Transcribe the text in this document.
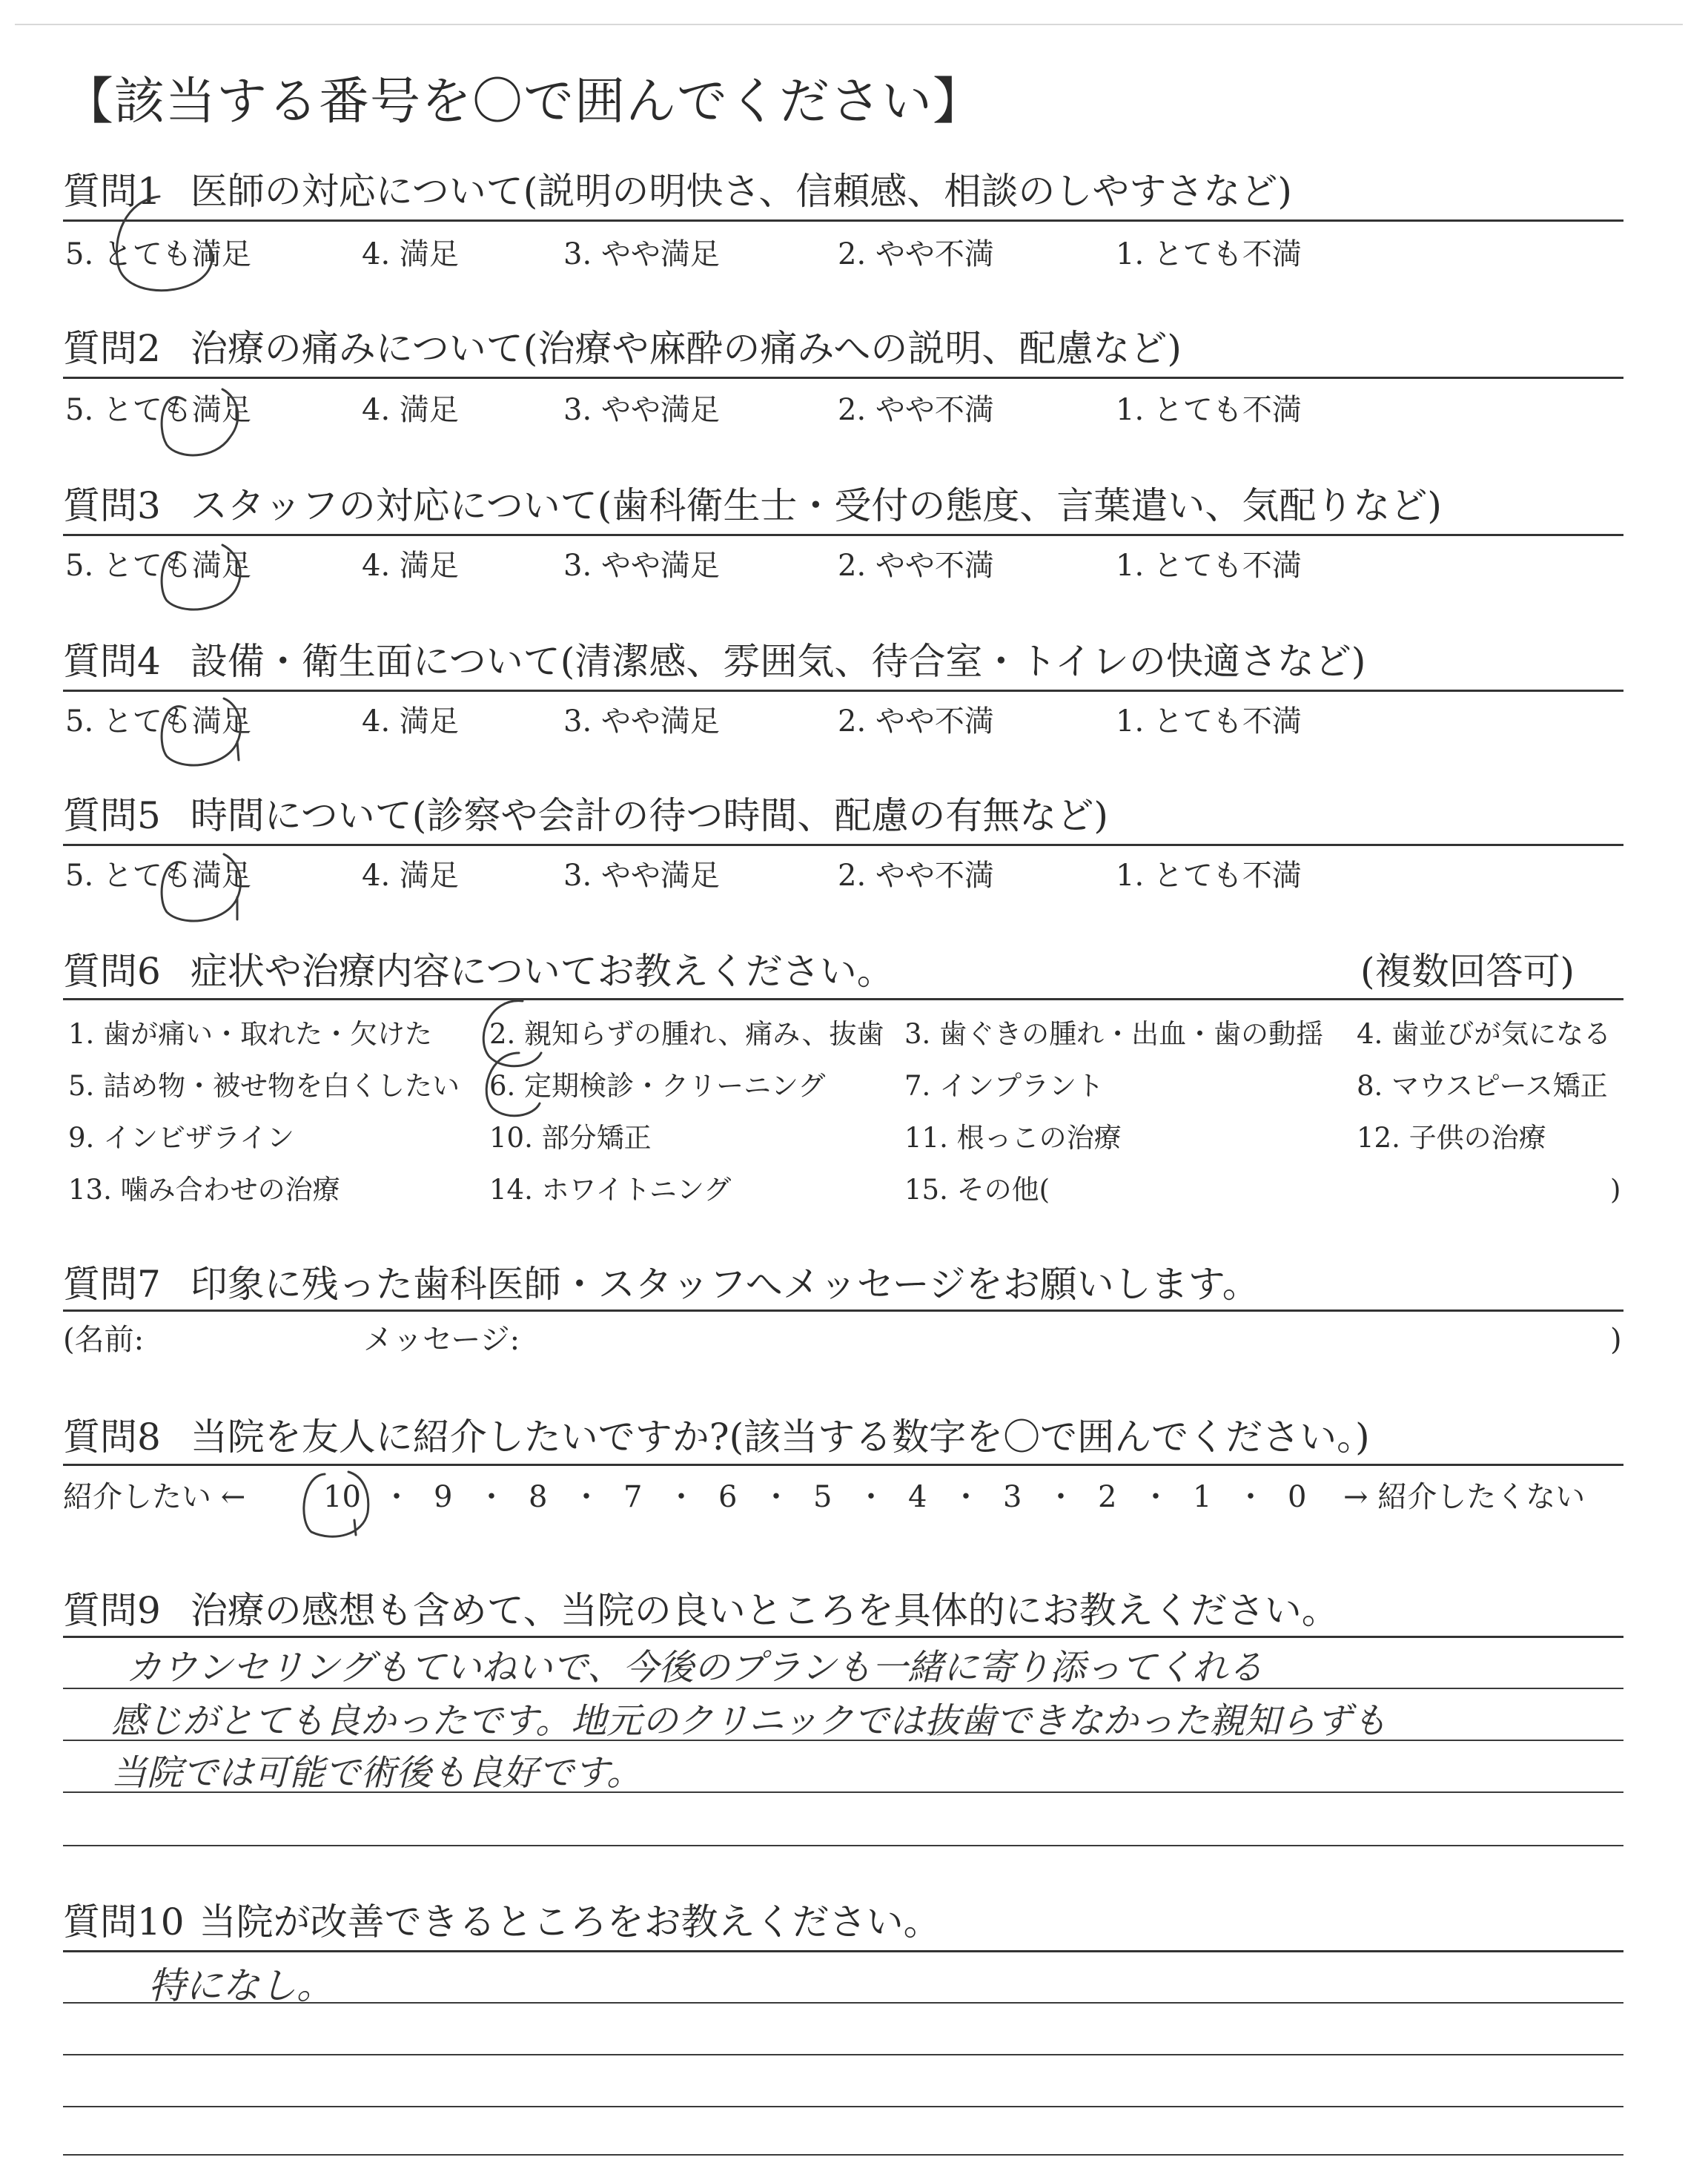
【該当する番号を〇で囲んでください】
質問1 医師の対応について(説明の明快さ、信頼感、相談のしやすさなど)
5. とても満足	4. 満足	3. やや満足	2. やや不満	1. とても不満
質問2 治療の痛みについて(治療や麻酔の痛みへの説明、配慮など)
5. とても満足	4. 満足	3. やや満足	2. やや不満	1. とても不満
質問3 スタッフの対応について(歯科衛生士・受付の態度、言葉遣い、気配りなど)
5. とても満足	4. 満足	3. やや満足	2. やや不満	1. とても不満
質問4 設備・衛生面について(清潔感、雰囲気、待合室・トイレの快適さなど)
5. とても満足	4. 満足	3. やや満足	2. やや不満	1. とても不満
質問5 時間について(診察や会計の待つ時間、配慮の有無など)
5. とても満足	4. 満足	3. やや満足	2. やや不満	1. とても不満
質問6 症状や治療内容についてお教えください。	(複数回答可)
1. 歯が痛い・取れた・欠けた 2. 親知らずの腫れ、痛み、抜歯 3. 歯ぐきの腫れ・出血・歯の動揺 4. 歯並びが気になる
5. 詰め物・被せ物を白くしたい 6. 定期検診・クリーニング	7. インプラント	8. マウスピース矯正
9. インビザライン	10. 部分矯正	11. 根っこの治療	12. 子供の治療
13. 噛み合わせの治療	14. ホワイトニング	15. その他(	)
質問7 印象に残った歯科医師・スタッフへメッセージをお願いします。
(名前:	メッセージ:	)
質問8 当院を友人に紹介したいですか?(該当する数字を〇で囲んでください。)
紹介したい ←	10 ・ 9 ・ 8 ・ 7 ・ 6 ・ 5 ・ 4 ・ 3 ・ 2 ・ 1 ・ 0 → 紹介したくない
質問9 治療の感想も含めて、当院の良いところを具体的にお教えください。
カウンセリングもていねいで、今後のプランも一緒に寄り添ってくれる
感じがとても良かったです。地元のクリニックでは抜歯できなかった親知らずも
当院では可能で術後も良好です。
質問10 当院が改善できるところをお教えください。
特になし。
